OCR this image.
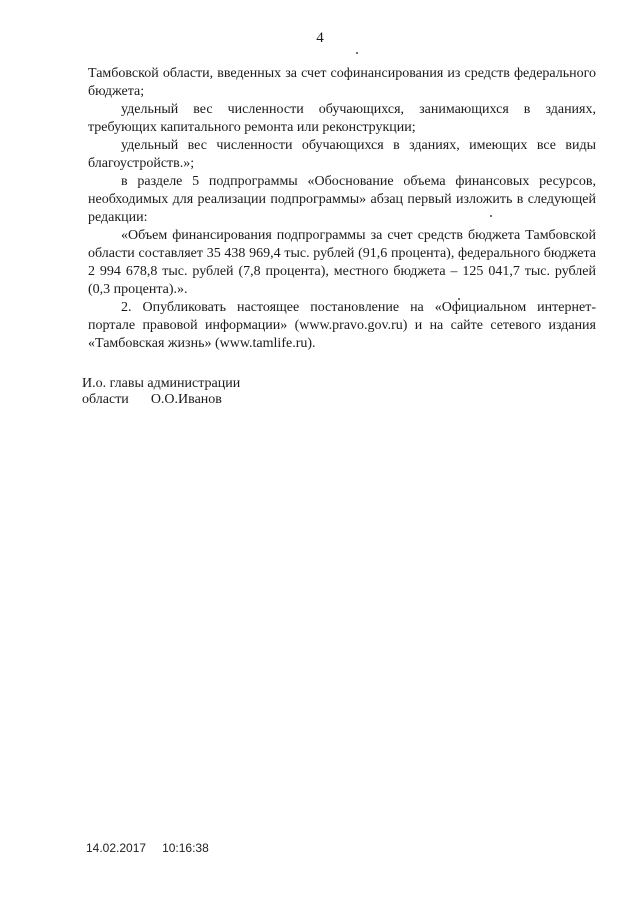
4

Тамбовской области, введенных за счет софинансирования из средств федерального бюджета;

удельный вес численности обучающихся, занимающихся в зданиях, требующих капитального ремонта или реконструкции;

удельный вес численности обучающихся в зданиях, имеющих все виды благоустройств.»;

в разделе 5 подпрограммы «Обоснование объема финансовых ресурсов, необходимых для реализации подпрограммы» абзац первый изложить в следующей редакции:

«Объем финансирования подпрограммы за счет средств бюджета Тамбовской области составляет 35 438 969,4 тыс. рублей (91,6 процента), федерального бюджета 2 994 678,8 тыс. рублей (7,8 процента), местного бюджета – 125 041,7 тыс. рублей (0,3 процента).».

2. Опубликовать настоящее постановление на «Официальном интернет-портале правовой информации» (www.pravo.gov.ru) и на сайте сетевого издания «Тамбовская жизнь» (www.tamlife.ru).

И.о. главы администрации
области О.О.Иванов
14.02.2017 10:16:38
